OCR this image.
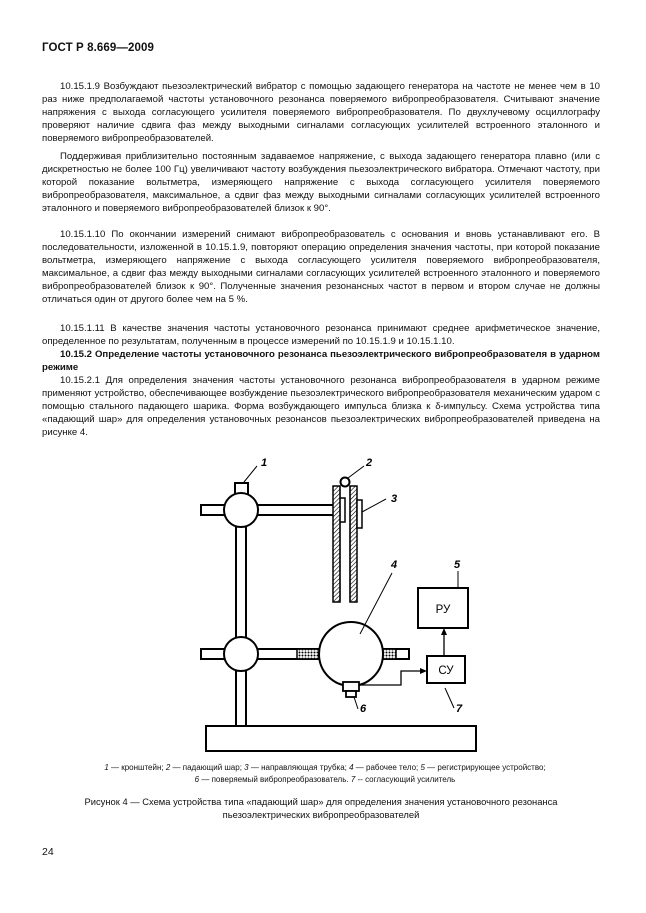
ГОСТ Р 8.669—2009

10.15.1.9 Возбуждают пьезоэлектрический вибратор с помощью задающего генератора на частоте не менее чем в 10 раз ниже предполагаемой частоты установочного резонанса поверяемого вибропреобразователя. Считывают значение напряжения с выхода согласующего усилителя поверяемого вибропреобразователя. По двухлучевому осциллографу проверяют наличие сдвига фаз между выходными сигналами согласующих усилителей встроенного эталонного и поверяемого вибропреобразователей.

Поддерживая приблизительно постоянным задаваемое напряжение, с выхода задающего генератора плавно (или с дискретностью не более 100 Гц) увеличивают частоту возбуждения пьезоэлектрического вибратора. Отмечают частоту, при которой показание вольтметра, измеряющего напряжение с выхода согласующего усилителя поверяемого вибропреобразователя, максимальное, а сдвиг фаз между выходными сигналами согласующих усилителей встроенного эталонного и поверяемого вибропреобразователей близок к 90°.

10.15.1.10 По окончании измерений снимают вибропреобразователь с основания и вновь устанавливают его. В последовательности, изложенной в 10.15.1.9, повторяют операцию определения значения частоты, при которой показание вольтметра, измеряющего напряжение с выхода согласующего усилителя поверяемого вибропреобразователя, максимальное, а сдвиг фаз между выходными сигналами согласующих усилителей встроенного эталонного и поверяемого вибропреобразователей близок к 90°. Полученные значения резонансных частот в первом и втором случае не должны отличаться один от другого более чем на 5 %.

10.15.1.11 В качестве значения частоты установочного резонанса принимают среднее арифметическое значение, определенное по результатам, полученным в процессе измерений по 10.15.1.9 и 10.15.1.10.

10.15.2 Определение частоты установочного резонанса пьезоэлектрического вибропреобразователя в ударном режиме

10.15.2.1 Для определения значения частоты установочного резонанса вибропреобразователя в ударном режиме применяют устройство, обеспечивающее возбуждение пьезоэлектрического вибропреобразователя механическим ударом с помощью стального падающего шарика. Форма возбуждающего импульса близка к δ-импульсу. Схема устройства типа «падающий шар» для определения установочных резонансов пьезоэлектрических вибропреобразователей приведена на рисунке 4.

РУ
СУ
1	2
3
4	5
6	7
1 — кронштейн; 2 — падающий шар; 3 — направляющая трубка; 4 — рабочее тело; 5 — регистрирующее устройство;
6 — поверяемый вибропреобразователь. 7 -- согласующий усилитель
Рисунок 4 — Схема устройства типа «падающий шар» для определения значения установочного резонанса пьезоэлектрических вибропреобразователей
24
